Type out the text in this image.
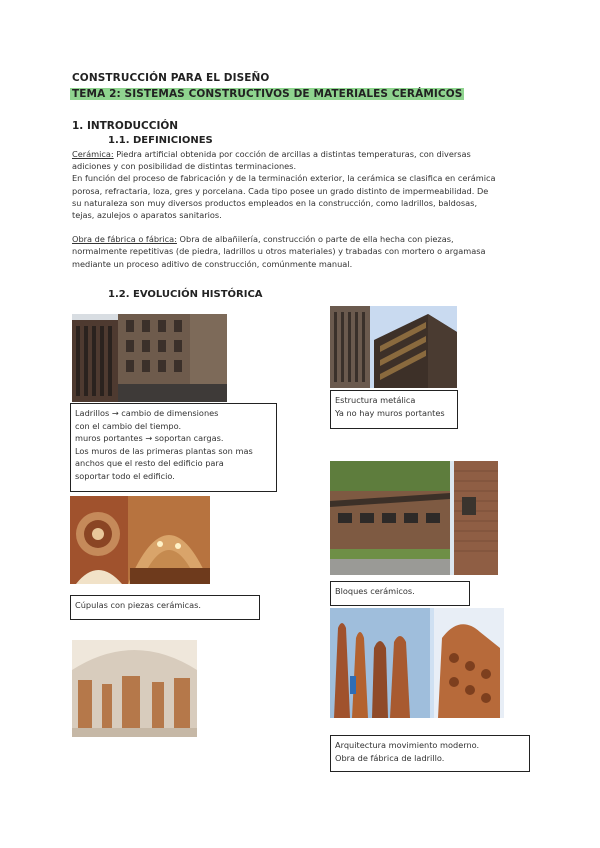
CONSTRUCCIÓN PARA EL DISEÑO
TEMA 2: SISTEMAS CONSTRUCTIVOS DE MATERIALES CERÁMICOS
1. INTRODUCCIÓN
1.1. DEFINICIONES
Cerámica: Piedra artificial obtenida por cocción de arcillas a distintas temperaturas, con diversas
adiciones y con posibilidad de distintas terminaciones.
En función del proceso de fabricación y de la terminación exterior, la cerámica se clasifica en cerámica
porosa, refractaria, loza, gres y porcelana. Cada tipo posee un grado distinto de impermeabilidad. De
su naturaleza son muy diversos productos empleados en la construcción, como ladrillos, baldosas,
tejas, azulejos o aparatos sanitarios.
Obra de fábrica o fábrica: Obra de albañilería, construcción o parte de ella hecha con piezas,
normalmente repetitivas (de piedra, ladrillos u otros materiales) y trabadas con mortero o argamasa
mediante un proceso aditivo de construcción, comúnmente manual.
1.2. EVOLUCIÓN HISTÓRICA
Ladrillos → cambio de dimensiones
con el cambio del tiempo.
muros portantes → soportan cargas.
Los muros de las primeras plantas son mas
anchos que el resto del edificio para
soportar todo el edificio.
Estructura metálica
Ya no hay muros portantes
Cúpulas con piezas cerámicas.
Bloques cerámicos.
Arquitectura movimiento moderno.
Obra de fábrica de ladrillo.
